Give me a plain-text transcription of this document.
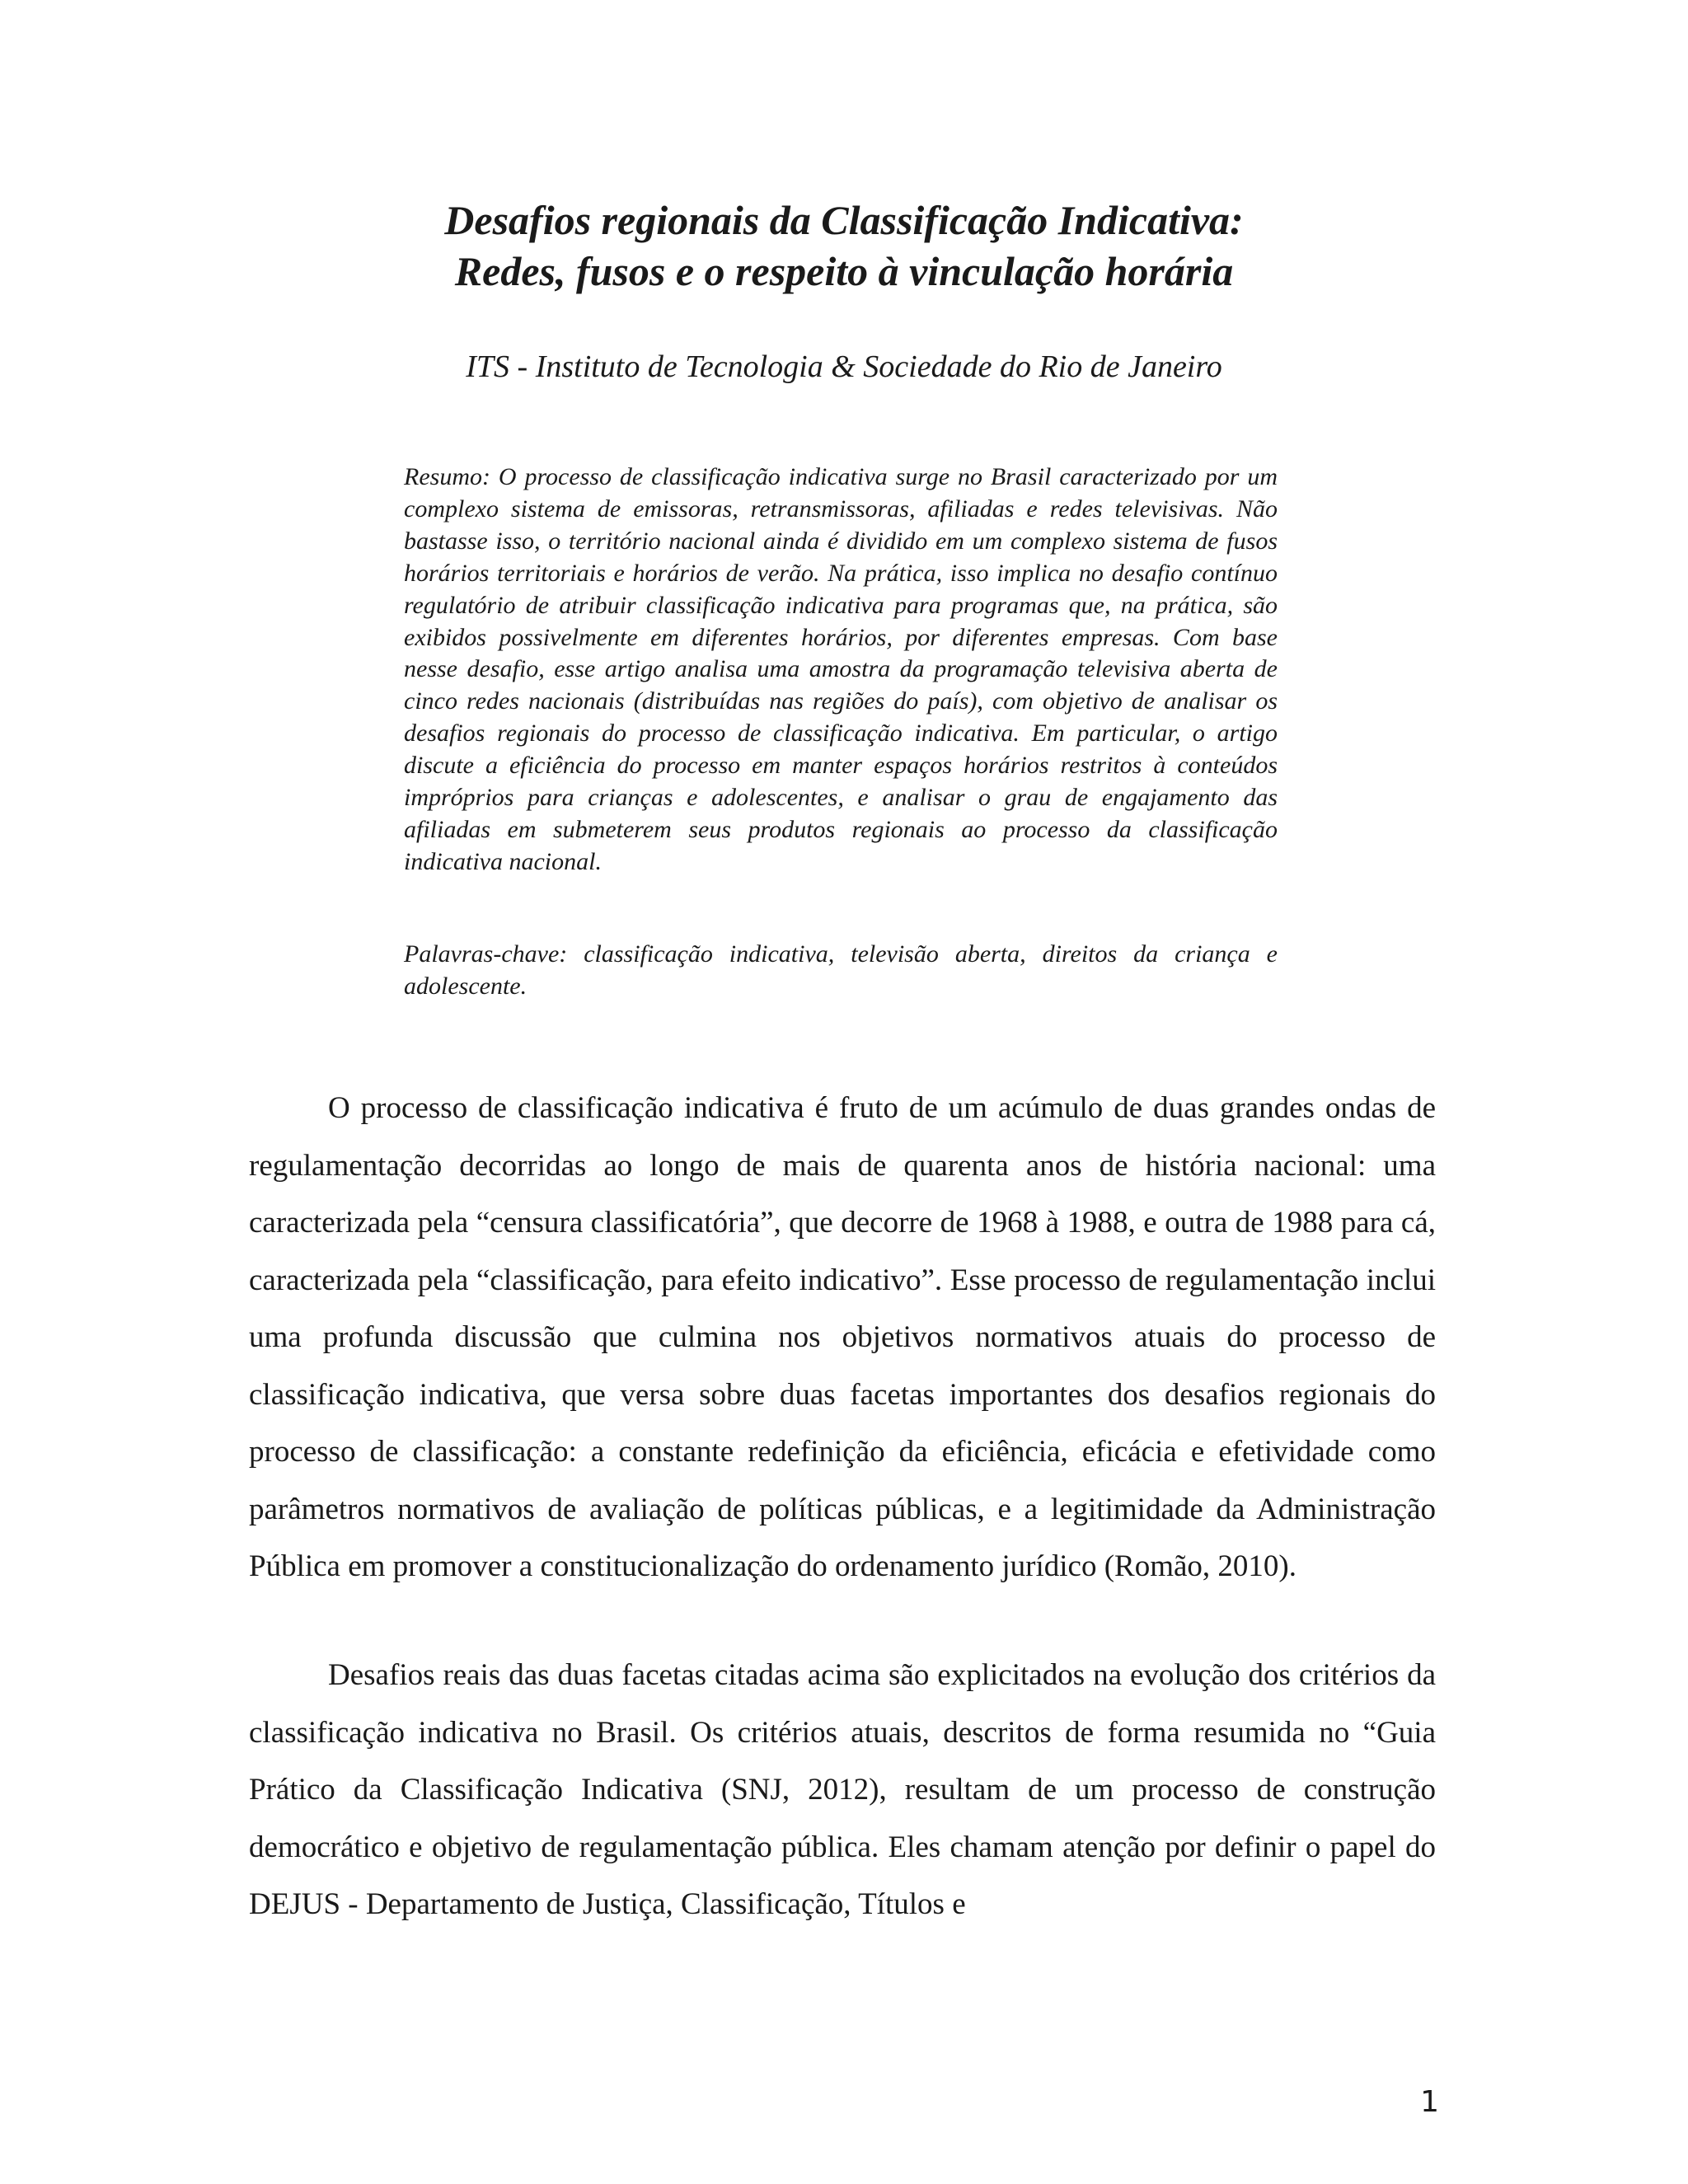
Desafios regionais da Classificação Indicativa:
Redes, fusos e o respeito à vinculação horária

ITS - Instituto de Tecnologia & Sociedade do Rio de Janeiro

Resumo: O processo de classificação indicativa surge no Brasil caracterizado por um complexo sistema de emissoras, retransmissoras, afiliadas e redes televisivas. Não bastasse isso, o território nacional ainda é dividido em um complexo sistema de fusos horários territoriais e horários de verão. Na prática, isso implica no desafio contínuo regulatório de atribuir classificação indicativa para programas que, na prática, são exibidos possivelmente em diferentes horários, por diferentes empresas. Com base nesse desafio, esse artigo analisa uma amostra da programação televisiva aberta de cinco redes nacionais (distribuídas nas regiões do país), com objetivo de analisar os desafios regionais do processo de classificação indicativa. Em particular, o artigo discute a eficiência do processo em manter espaços horários restritos à conteúdos impróprios para crianças e adolescentes, e analisar o grau de engajamento das afiliadas em submeterem seus produtos regionais ao processo da classificação indicativa nacional.

Palavras-chave: classificação indicativa, televisão aberta, direitos da criança e adolescente.

O processo de classificação indicativa é fruto de um acúmulo de duas grandes ondas de regulamentação decorridas ao longo de mais de quarenta anos de história nacional: uma caracterizada pela “censura classificatória”, que decorre de 1968 à 1988, e outra de 1988 para cá, caracterizada pela “classificação, para efeito indicativo”. Esse processo de regulamentação inclui uma profunda discussão que culmina nos objetivos normativos atuais do processo de classificação indicativa, que versa sobre duas facetas importantes dos desafios regionais do processo de classificação: a constante redefinição da eficiência, eficácia e efetividade como parâmetros normativos de avaliação de políticas públicas, e a legitimidade da Administração Pública em promover a constitucionalização do ordenamento jurídico (Romão, 2010).

Desafios reais das duas facetas citadas acima são explicitados na evolução dos critérios da classificação indicativa no Brasil. Os critérios atuais, descritos de forma resumida no “Guia Prático da Classificação Indicativa (SNJ, 2012), resultam de um processo de construção democrático e objetivo de regulamentação pública. Eles chamam atenção por definir o papel do DEJUS - Departamento de Justiça, Classificação, Títulos e

1
